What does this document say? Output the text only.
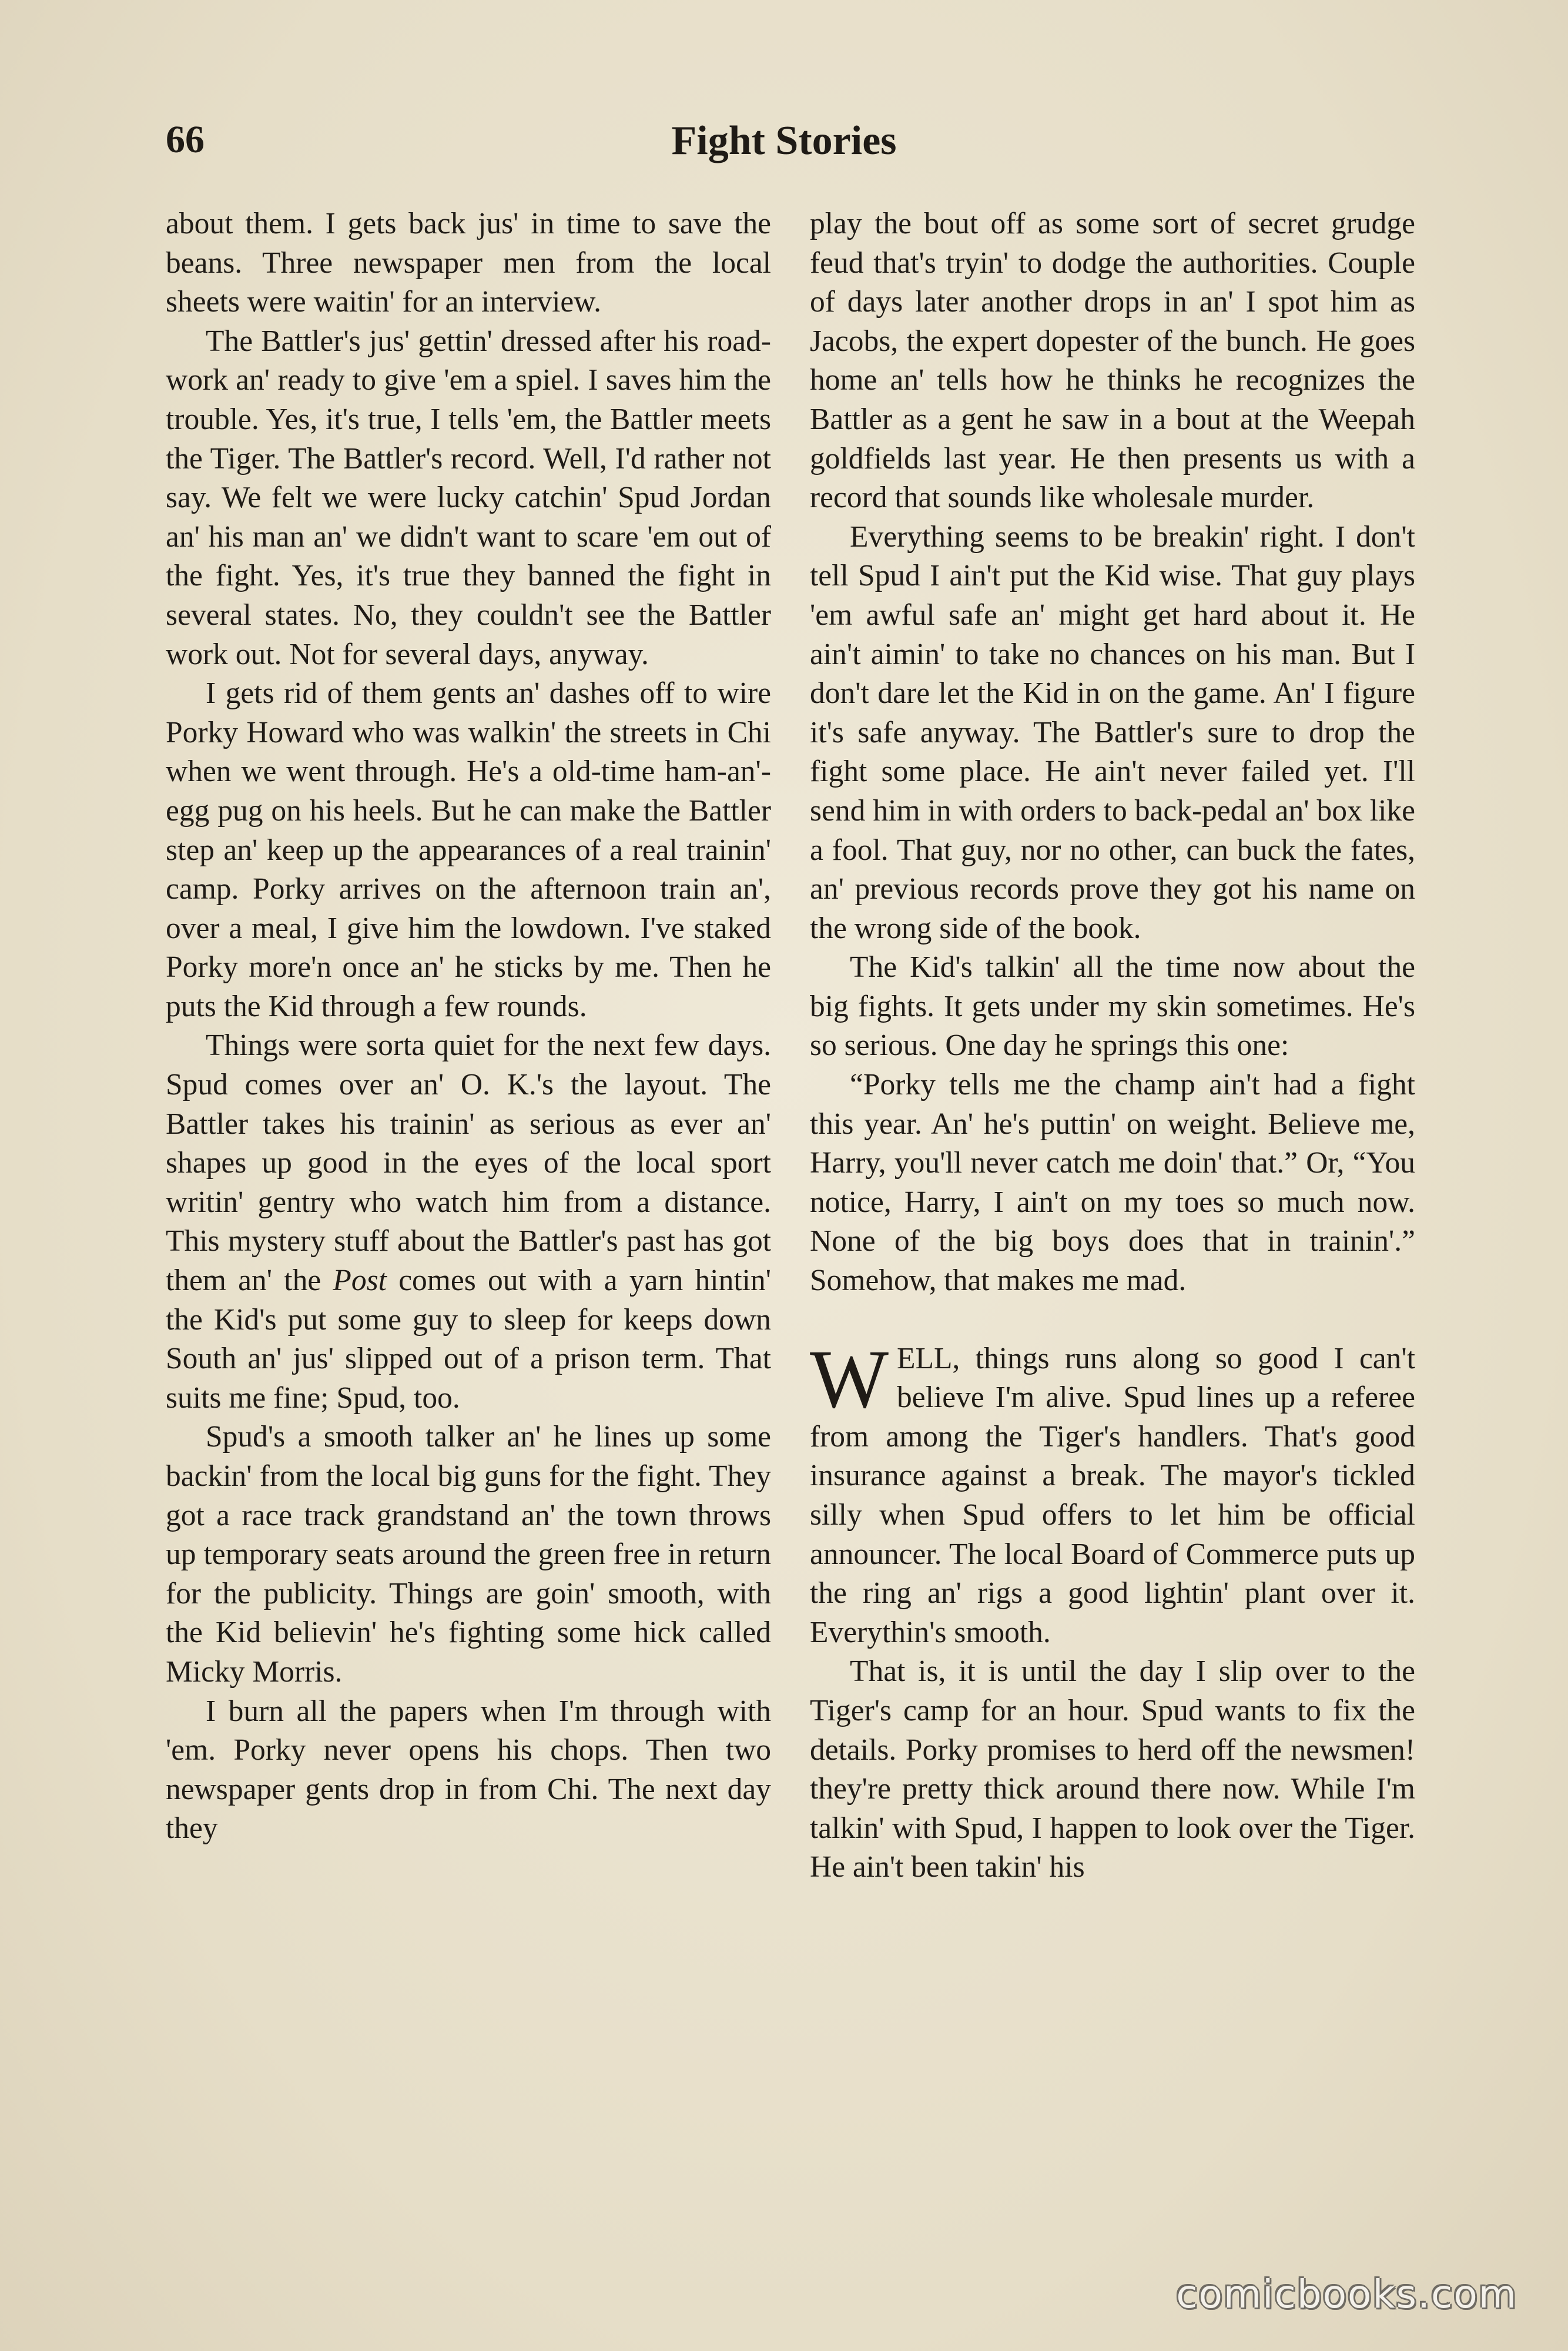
66	Fight Stories

about them. I gets back jus' in time to save the beans. Three newspaper men from the local sheets were waitin' for an interview.

The Battler's jus' gettin' dressed after his road-work an' ready to give 'em a spiel. I saves him the trouble. Yes, it's true, I tells 'em, the Battler meets the Tiger. The Battler's record. Well, I'd rather not say. We felt we were lucky catchin' Spud Jordan an' his man an' we didn't want to scare 'em out of the fight. Yes, it's true they banned the fight in several states. No, they couldn't see the Battler work out. Not for several days, anyway.

I gets rid of them gents an' dashes off to wire Porky Howard who was walkin' the streets in Chi when we went through. He's a old-time ham-an'-egg pug on his heels. But he can make the Battler step an' keep up the appearances of a real trainin' camp. Porky arrives on the afternoon train an', over a meal, I give him the lowdown. I've staked Porky more'n once an' he sticks by me. Then he puts the Kid through a few rounds.

Things were sorta quiet for the next few days. Spud comes over an' O. K.'s the layout. The Battler takes his trainin' as serious as ever an' shapes up good in the eyes of the local sport writin' gentry who watch him from a distance. This mystery stuff about the Battler's past has got them an' the Post comes out with a yarn hintin' the Kid's put some guy to sleep for keeps down South an' jus' slipped out of a prison term. That suits me fine; Spud, too.

Spud's a smooth talker an' he lines up some backin' from the local big guns for the fight. They got a race track grandstand an' the town throws up temporary seats around the green free in return for the publicity. Things are goin' smooth, with the Kid believin' he's fighting some hick called Micky Morris.

I burn all the papers when I'm through with 'em. Porky never opens his chops. Then two newspaper gents drop in from Chi. The next day they

play the bout off as some sort of secret grudge feud that's tryin' to dodge the authorities. Couple of days later another drops in an' I spot him as Jacobs, the expert dopester of the bunch. He goes home an' tells how he thinks he recognizes the Battler as a gent he saw in a bout at the Weepah goldfields last year. He then presents us with a record that sounds like wholesale murder.

Everything seems to be breakin' right. I don't tell Spud I ain't put the Kid wise. That guy plays 'em awful safe an' might get hard about it. He ain't aimin' to take no chances on his man. But I don't dare let the Kid in on the game. An' I figure it's safe anyway. The Battler's sure to drop the fight some place. He ain't never failed yet. I'll send him in with orders to back-pedal an' box like a fool. That guy, nor no other, can buck the fates, an' previous records prove they got his name on the wrong side of the book.

The Kid's talkin' all the time now about the big fights. It gets under my skin sometimes. He's so serious. One day he springs this one:

“Porky tells me the champ ain't had a fight this year. An' he's puttin' on weight. Believe me, Harry, you'll never catch me doin' that.” Or, “You notice, Harry, I ain't on my toes so much now. None of the big boys does that in trainin'.” Somehow, that makes me mad.

WELL, things runs along so good I can't believe I'm alive. Spud lines up a referee from among the Tiger's handlers. That's good insurance against a break. The mayor's tickled silly when Spud offers to let him be official announcer. The local Board of Commerce puts up the ring an' rigs a good lightin' plant over it. Everythin's smooth.

That is, it is until the day I slip over to the Tiger's camp for an hour. Spud wants to fix the details. Porky promises to herd off the newsmen! they're pretty thick around there now. While I'm talkin' with Spud, I happen to look over the Tiger. He ain't been takin' his

comicbooks.com
